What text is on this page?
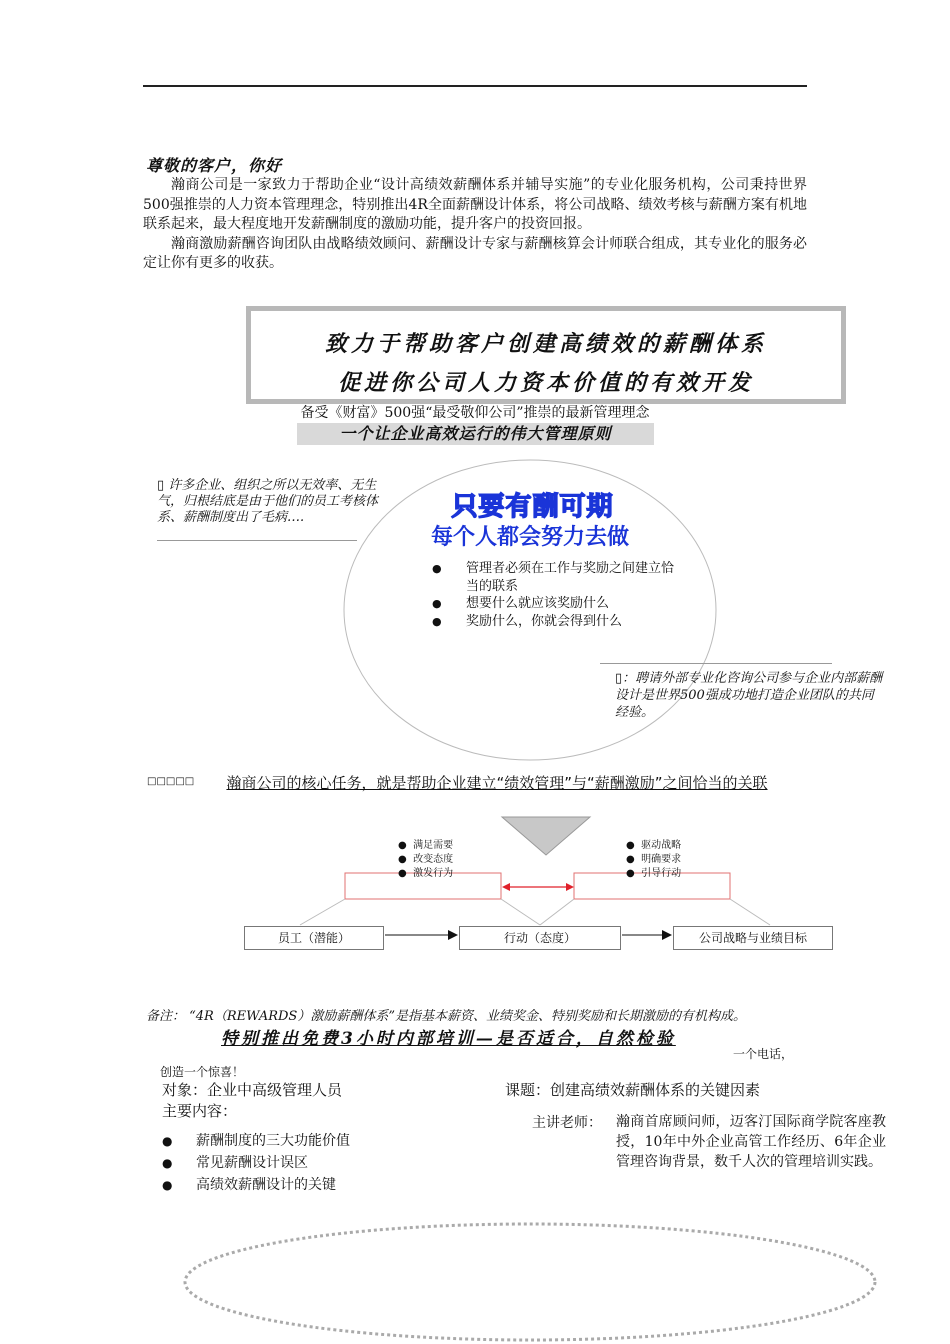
尊敬的客户，你好

瀚商公司是一家致力于帮助企业“设计高绩效薪酬体系并辅导实施”的专业化服务机构，公司秉持世界500强推崇的人力资本管理理念，特别推出4R全面薪酬设计体系，将公司战略、绩效考核与薪酬方案有机地联系起来，最大程度地开发薪酬制度的激励功能，提升客户的投资回报。

瀚商激励薪酬咨询团队由战略绩效顾问、薪酬设计专家与薪酬核算会计师联合组成，其专业化的服务必定让你有更多的收获。

致力于帮助客户创建高绩效的薪酬体系
促进你公司人力资本价值的有效开发
备受《财富》500强“最受敬仰公司”推崇的最新管理理念
一个让企业高效运行的伟大管理原则
▯ 许多企业、组织之所以无效率、无生气，归根结底是由于他们的员工考核体系、薪酬制度出了毛病….	只要有酬可期
每个人都会努力去做
● 管理者必须在工作与奖励之间建立恰当的联系
● 想要什么就应该奖励什么
● 奖励什么，你就会得到什么
▯：聘请外部专业化咨询公司参与企业内部薪酬设计是世界500强成功地打造企业团队的共同经验。
□□□□□	瀚商公司的核心任务，就是帮助企业建立“绩效管理”与“薪酬激励”之间恰当的关联
●  满足需要
●  改变态度
●  激发行为
●  驱动战略
●  明确要求
●  引导行动
员工（潜能）	行动（态度）	公司战略与业绩目标
备注： “4R（REWARDS）激励薪酬体系”是指基本薪资、业绩奖金、特别奖励和长期激励的有机构成。
特别推出免费3小时内部培训—是否适合，自然检验
一个电话，
创造一个惊喜！
对象：企业中高级管理人员	课题：创建高绩效薪酬体系的关键因素
主要内容：
● 薪酬制度的三大功能价值
● 常见薪酬设计误区
● 高绩效薪酬设计的关键
主讲老师： 瀚商首席顾问师，迈客汀国际商学院客座教授，10年中外企业高管工作经历、6年企业管理咨询背景，数千人次的管理培训实践。
